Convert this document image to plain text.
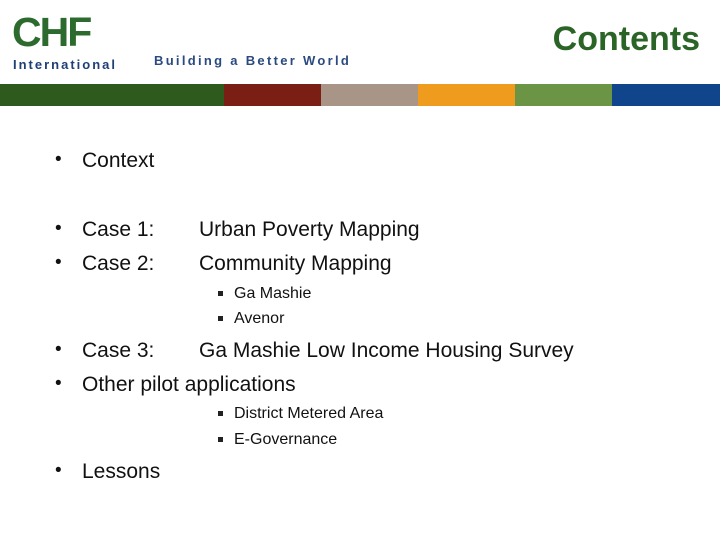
CHF
International	Building a Better World
Contents
• Context
• Case 1: Urban Poverty Mapping
• Case 2: Community Mapping
Ga Mashie
Avenor
• Case 3: Ga Mashie Low Income Housing Survey
• Other pilot applications
District Metered Area
E-Governance
• Lessons
